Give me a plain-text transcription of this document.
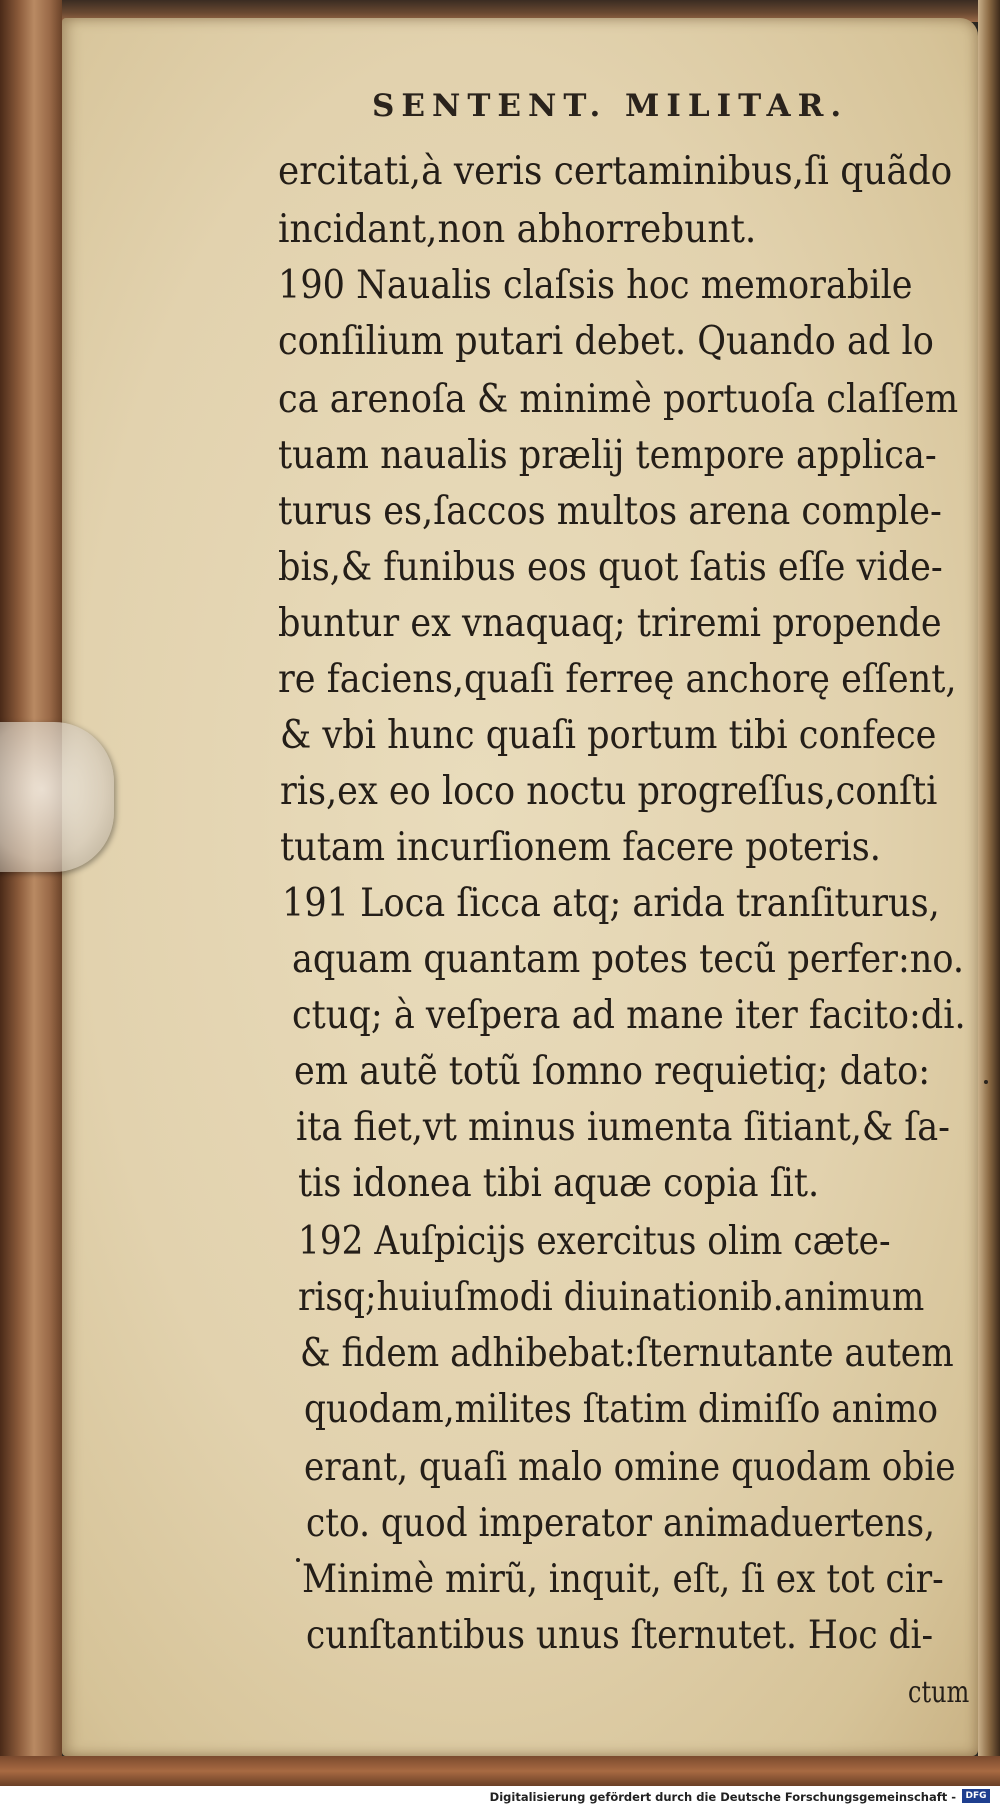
SENTENT. MILITAR.
ercitati,à veris certaminibus,ſi quãdo
incidant,non abhorrebunt.
190 Naualis claſsis hoc memorabile
conſilium putari debet. Quando ad lo
ca arenoſa & minimè portuoſa claſſem
tuam naualis prælij tempore applica-
turus es,ſaccos multos arena comple-
bis,& funibus eos quot ſatis eſſe vide-
buntur ex vnaquaq; triremi propende
re faciens,quaſi ferreę anchorę eſſent,
& vbi hunc quaſi portum tibi confece
ris,ex eo loco noctu progreſſus,conſti
tutam incurſionem facere poteris.
191 Loca ſicca atq; arida tranſiturus,
aquam quantam potes tecũ perfer:no.
ctuq; à veſpera ad mane iter facito:di.
em autẽ totũ ſomno requietiq; dato:
ita fiet,vt minus iumenta ſitiant,& ſa-
tis idonea tibi aquæ copia ſit.
192 Auſpicijs exercitus olim cæte-
risq;huiuſmodi diuinationib.animum
& fidem adhibebat:ſternutante autem
quodam,milites ſtatim dimiſſo animo
erant, quaſi malo omine quodam obie
cto. quod imperator animaduertens,
Minimè mirũ, inquit, eſt, ſi ex tot cir-
cunſtantibus unus ſternutet. Hoc di-
ctum
Digitalisierung gefördert durch die Deutsche Forschungsgemeinschaft -	DFG
